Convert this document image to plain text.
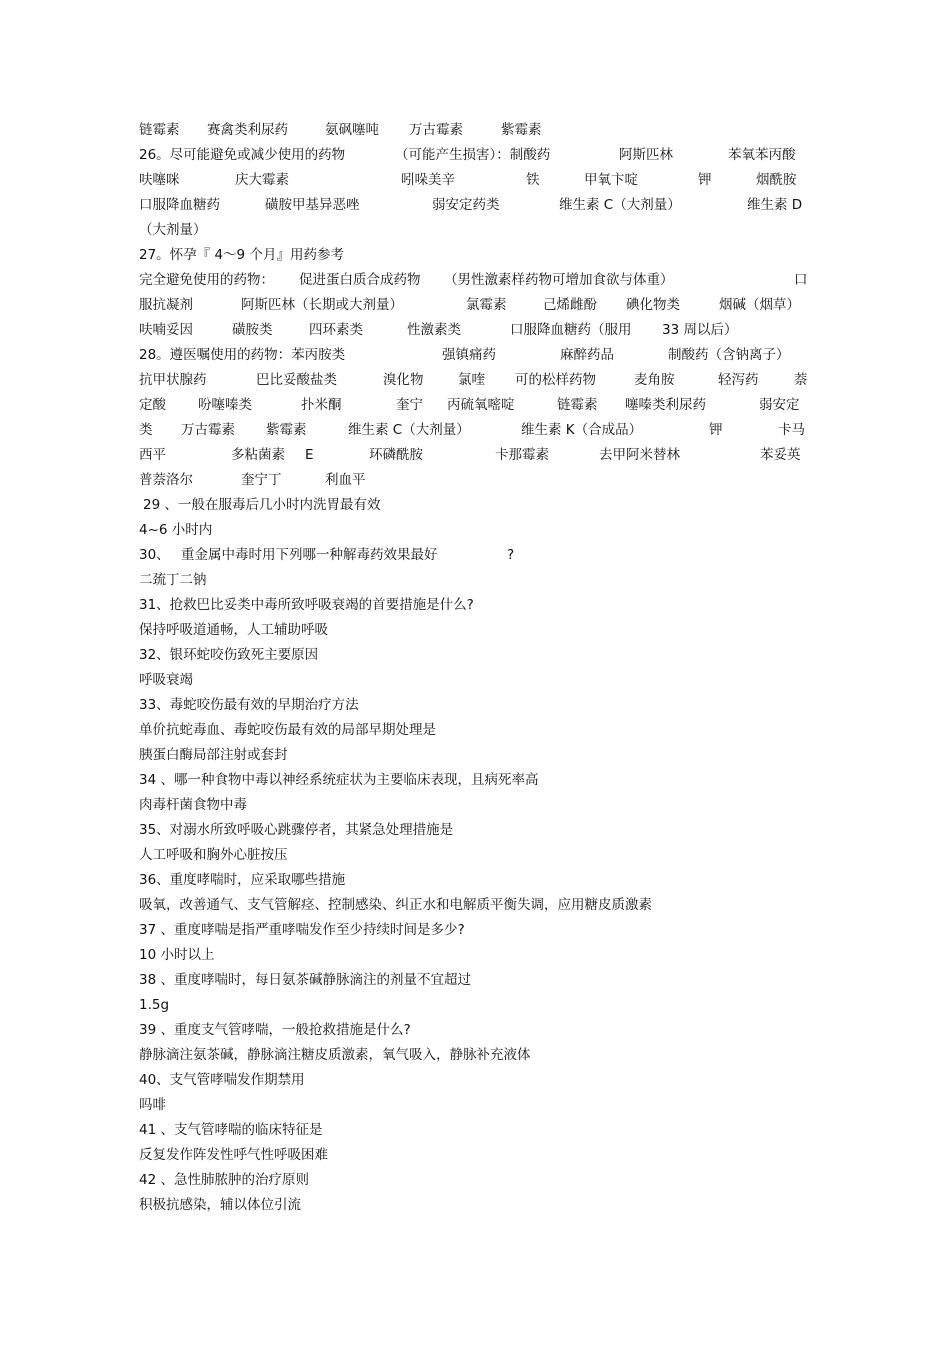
链霉素 赛禽类利尿药	氨砜噻吨 万古霉素	紫霉素
26。尽可能避免或减少使用的药物	（可能产生损害）：制酸药	阿斯匹林	苯氧苯丙酸
呋噻咪	庆大霉素	吲哚美辛	铁	甲氧卞啶	钾	烟酰胺
口服降血糖药	磺胺甲基异恶唑	弱安定药类	维生素 C（大剂量）	维生素 D
（大剂量）
27。怀孕『 4～9 个月』用药参考
完全避免使用的药物： 促进蛋白质合成药物 （男性激素样药物可增加食欲与体重）	口
服抗凝剂	阿斯匹林（长期或大剂量）	氯霉素	己烯雌酚 碘化物类	烟碱（烟草）
呋喃妥因	磺胺类	四环素类	性激素类	口服降血糖药（服用 33 周以后）
28。遵医嘱使用的药物：苯丙胺类	强镇痛药	麻醉药品	制酸药（含钠离子）
抗甲状腺药	巴比妥酸盐类	溴化物	氯喹 可的松样药物	麦角胺	轻泻药	萘
定酸 吩噻嗪类	扑米酮	奎宁 丙硫氧嘧啶	链霉素 噻嗪类利尿药	弱安定
类 万古霉素 紫霉素	维生素 C（大剂量）	维生素 K（合成品）	钾	卡马
西平	多粘菌素 E	环磷酰胺	卡那霉素	去甲阿米替林	苯妥英
普萘洛尔	奎宁丁	利血平
29 、一般在服毒后几小时内洗胃最有效
4~6 小时内
30、 重金属中毒时用下列哪一种解毒药效果最好	?
二巯丁二钠
31、抢救巴比妥类中毒所致呼吸衰竭的首要措施是什么?
保持呼吸道通畅，人工辅助呼吸
32、银环蛇咬伤致死主要原因
呼吸衰竭
33、毒蛇咬伤最有效的早期治疗方法
单价抗蛇毒血、毒蛇咬伤最有效的局部早期处理是
胰蛋白酶局部注射或套封
34 、哪一种食物中毒以神经系统症状为主要临床表现，且病死率高
肉毒杆菌食物中毒
35、对溺水所致呼吸心跳骤停者，其紧急处理措施是
人工呼吸和胸外心脏按压
36、重度哮喘时，应采取哪些措施
吸氧，改善通气、支气管解痉、控制感染、纠正水和电解质平衡失调，应用糖皮质激素
37 、重度哮喘是指严重哮喘发作至少持续时间是多少?
10 小时以上
38 、重度哮喘时，每日氨茶碱静脉滴注的剂量不宜超过
1.5g
39 、重度支气管哮喘，一般抢救措施是什么?
静脉滴注氨茶碱，静脉滴注糖皮质激素，氧气吸入，静脉补充液体
40、支气管哮喘发作期禁用
吗啡
41 、支气管哮喘的临床特征是
反复发作阵发性呼气性呼吸困难
42 、急性肺脓肿的治疗原则
积极抗感染，辅以体位引流
